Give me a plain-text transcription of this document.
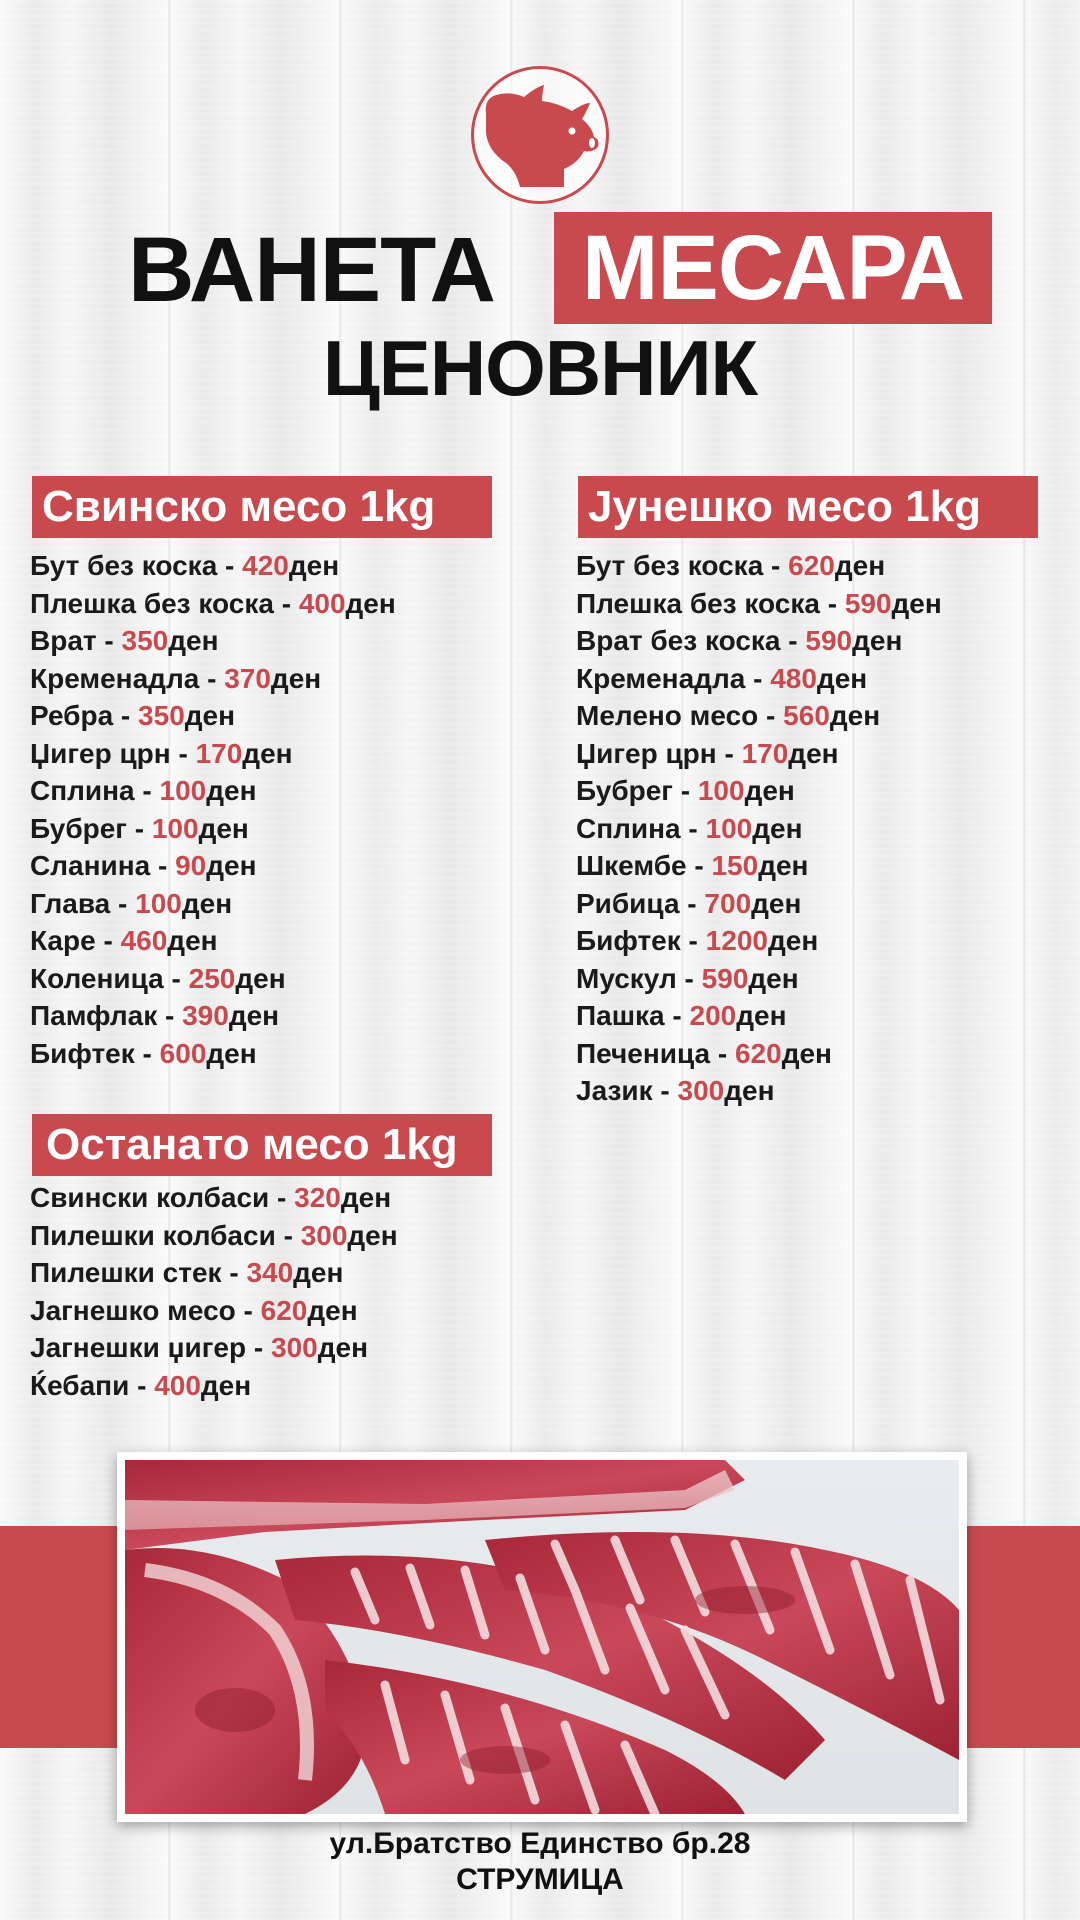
ВАНЕТА МЕСАРА
ЦЕНОВНИК
Свинско месо 1kg	Јунешко месо 1kg
Останато месо 1kg
Бут без коска - 420ден
Плешка без коска - 400ден
Врат - 350ден
Кременадла - 370ден
Ребра - 350ден
Џигер црн - 170ден
Сплина - 100ден
Бубрег - 100ден
Сланина - 90ден
Глава - 100ден
Каре - 460ден
Коленица - 250ден
Памфлак - 390ден
Бифтек - 600ден
Бут без коска - 620ден
Плешка без коска - 590ден
Врат без коска - 590ден
Кременадла - 480ден
Мелено месо - 560ден
Џигер црн - 170ден
Бубрег - 100ден
Сплина - 100ден
Шкембе - 150ден
Рибица - 700ден
Бифтек - 1200ден
Мускул - 590ден
Пашка - 200ден
Печеница - 620ден
Јазик - 300ден
Свински колбаси - 320ден
Пилешки колбаси - 300ден
Пилешки стек - 340ден
Јагнешко месо - 620ден
Јагнешки џигер - 300ден
Ќебапи - 400ден
ул.Братство Единство бр.28
СТРУМИЦА
